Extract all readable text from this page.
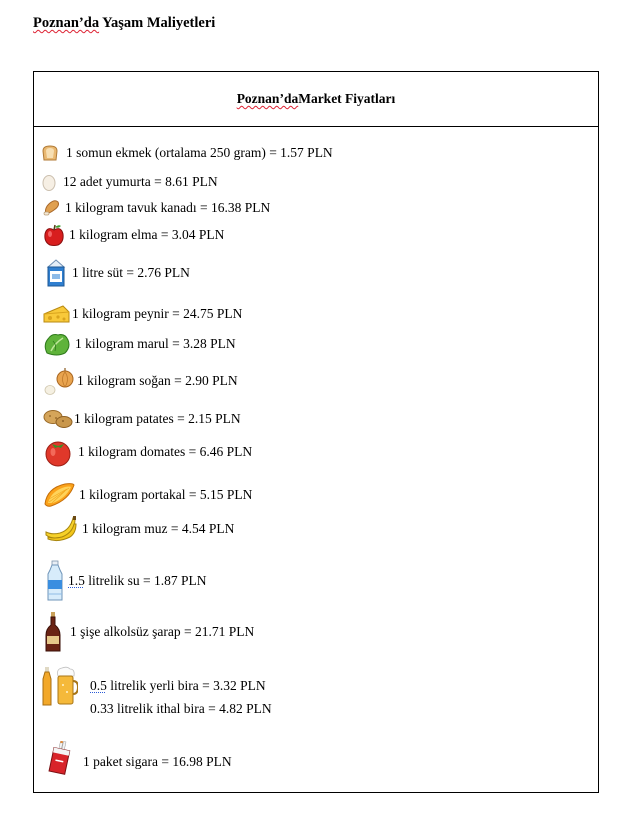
Poznan’da Yaşam Maliyetleri
Poznan’da Market Fiyatları
1 somun ekmek (ortalama 250 gram) = 1.57 PLN
12 adet yumurta = 8.61 PLN
1 kilogram tavuk kanadı = 16.38 PLN
1 kilogram elma = 3.04 PLN
1 litre süt = 2.76 PLN
1 kilogram peynir = 24.75 PLN
1 kilogram marul = 3.28 PLN
1 kilogram soğan = 2.90 PLN
1 kilogram patates = 2.15 PLN
1 kilogram domates = 6.46 PLN
1 kilogram portakal = 5.15 PLN
1 kilogram muz = 4.54 PLN
1.5 litrelik su = 1.87 PLN
1 şişe alkolsüz şarap = 21.71 PLN
0.5 litrelik yerli bira = 3.32 PLN
0.33 litrelik ithal bira = 4.82 PLN
1 paket sigara = 16.98 PLN
